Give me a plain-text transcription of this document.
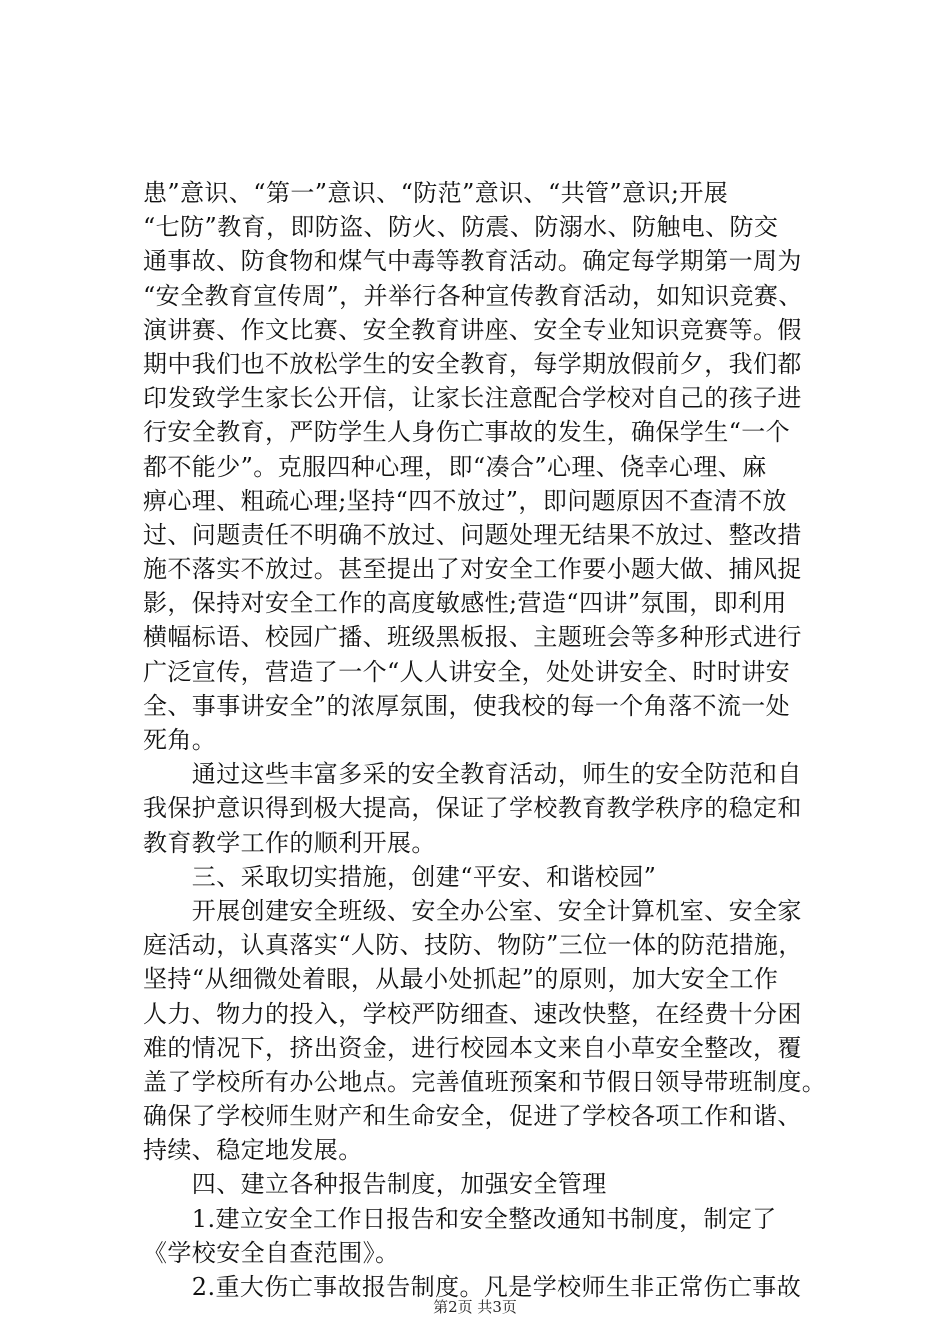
患”意识、“第一”意识、“防范”意识、“共管”意识;开展
“七防”教育，即防盗、防火、防震、防溺水、防触电、防交
通事故、防食物和煤气中毒等教育活动。确定每学期第一周为
“安全教育宣传周”，并举行各种宣传教育活动，如知识竞赛、
演讲赛、作文比赛、安全教育讲座、安全专业知识竞赛等。假
期中我们也不放松学生的安全教育，每学期放假前夕，我们都
印发致学生家长公开信，让家长注意配合学校对自己的孩子进
行安全教育，严防学生人身伤亡事故的发生，确保学生“一个
都不能少”。克服四种心理，即“凑合”心理、侥幸心理、麻
痹心理、粗疏心理;坚持“四不放过”，即问题原因不查清不放
过、问题责任不明确不放过、问题处理无结果不放过、整改措
施不落实不放过。甚至提出了对安全工作要小题大做、捕风捉
影，保持对安全工作的高度敏感性;营造“四讲”氛围，即利用
横幅标语、校园广播、班级黑板报、主题班会等多种形式进行
广泛宣传，营造了一个“人人讲安全，处处讲安全、时时讲安
全、事事讲安全”的浓厚氛围，使我校的每一个角落不流一处
死角。
　　通过这些丰富多采的安全教育活动，师生的安全防范和自
我保护意识得到极大提高，保证了学校教育教学秩序的稳定和
教育教学工作的顺利开展。
　　三、采取切实措施，创建“平安、和谐校园”
　　开展创建安全班级、安全办公室、安全计算机室、安全家
庭活动，认真落实“人防、技防、物防”三位一体的防范措施，
坚持“从细微处着眼，从最小处抓起”的原则，加大安全工作
人力、物力的投入，学校严防细查、速改快整，在经费十分困
难的情况下，挤出资金，进行校园本文来自小草安全整改，覆
盖了学校所有办公地点。完善值班预案和节假日领导带班制度。
确保了学校师生财产和生命安全，促进了学校各项工作和谐、
持续、稳定地发展。
　　四、建立各种报告制度，加强安全管理
　　1.建立安全工作日报告和安全整改通知书制度，制定了
《学校安全自查范围》。
　　2.重大伤亡事故报告制度。凡是学校师生非正常伤亡事故
第2页 共3页
